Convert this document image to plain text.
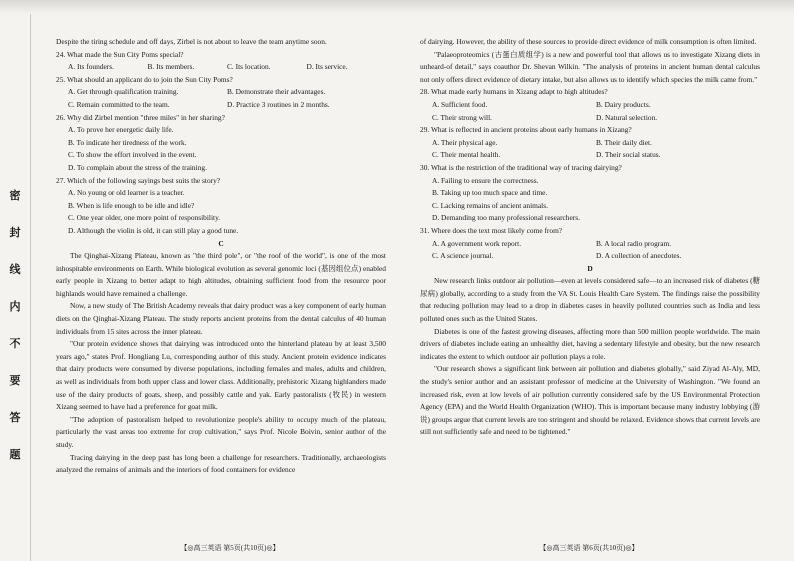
密
封
线
内
不
要
答
题

Despite the tiring schedule and off days, Zirbel is not about to leave the team anytime soon.

24. What made the Sun City Poms special?

A. Its founders.	B. Its members.	C. Its location.	D. Its service.

25. What should an applicant do to join the Sun City Poms?

A. Get through qualification training.	B. Demonstrate their advantages.
C. Remain committed to the team.	D. Practice 3 routines in 2 months.

26. Why did Zirbel mention "three miles" in her sharing?

A. To prove her energetic daily life.

B. To indicate her tiredness of the work.

C. To show the effort involved in the event.

D. To complain about the stress of the training.

27. Which of the following sayings best suits the story?

A. No young or old learner is a teacher.

B. When is life enough to be idle and idle?

C. One year older, one more point of responsibility.

D. Although the violin is old, it can still play a good tune.

C

The Qinghai-Xizang Plateau, known as "the third pole", or "the roof of the world", is one of the most inhospitable environments on Earth. While biological evolution as several genomic loci (基因组位点) enabled early people in Xizang to better adapt to high altitudes, obtaining sufficient food from the resource poor highlands would have remained a challenge.

Now, a new study of The British Academy reveals that dairy product was a key component of early human diets on the Qinghai-Xizang Plateau. The study reports ancient proteins from the dental calculus of 40 human individuals from 15 sites across the inner plateau.

"Our protein evidence shows that dairying was introduced onto the hinterland plateau by at least 3,500 years ago," states Prof. Hongliang Lu, corresponding author of this study. Ancient protein evidence indicates that dairy products were consumed by diverse populations, including females and males, adults and children, as well as individuals from both upper class and lower class. Additionally, prehistoric Xizang highlanders made use of the dairy products of goats, sheep, and possibly cattle and yak. Early pastoralists (牧民) in western Xizang seemed to have had a preference for goat milk.

"The adoption of pastoralism helped to revolutionize people's ability to occupy much of the plateau, particularly the vast areas too extreme for crop cultivation," says Prof. Nicole Boivin, senior author of the study.

Tracing dairying in the deep past has long been a challenge for researchers. Traditionally, archaeologists analyzed the remains of animals and the interiors of food containers for evidence

of dairying. However, the ability of these sources to provide direct evidence of milk consumption is often limited.

"Palaeoproteomics (古蛋白质组学) is a new and powerful tool that allows us to investigate Xizang diets in unheard-of detail," says coauthor Dr. Shevan Wilkin. "The analysis of proteins in ancient human dental calculus not only offers direct evidence of dietary intake, but also allows us to identify which species the milk came from."

28. What made early humans in Xizang adapt to high altitudes?

A. Sufficient food.	B. Dairy products.
C. Their strong will.	D. Natural selection.

29. What is reflected in ancient proteins about early humans in Xizang?

A. Their physical age.	B. Their daily diet.
C. Their mental health.	D. Their social status.

30. What is the restriction of the traditional way of tracing dairying?

A. Failing to ensure the correctness.

B. Taking up too much space and time.

C. Lacking remains of ancient animals.

D. Demanding too many professional researchers.

31. Where does the text most likely come from?

A. A government work report.	B. A local radio program.
C. A science journal.	D. A collection of anecdotes.

D

New research links outdoor air pollution—even at levels considered safe—to an increased risk of diabetes (糖尿病) globally, according to a study from the VA St. Louis Health Care System. The findings raise the possibility that reducing pollution may lead to a drop in diabetes cases in heavily polluted countries such as India and less polluted ones such as the United States.

Diabetes is one of the fastest growing diseases, affecting more than 500 million people worldwide. The main drivers of diabetes include eating an unhealthy diet, having a sedentary lifestyle and obesity, but the new research indicates the extent to which outdoor air pollution plays a role.

"Our research shows a significant link between air pollution and diabetes globally," said Ziyad Al-Aly, MD, the study's senior author and an assistant professor of medicine at the University of Washington. "We found an increased risk, even at low levels of air pollution currently considered safe by the US Environmental Protection Agency (EPA) and the World Health Organization (WHO). This is important because many industry lobbying (游说) groups argue that current levels are too stringent and should be relaxed. Evidence shows that current levels are still not sufficiently safe and need to be tightened."

【◎高三英语 第5页(共10页)◎】	【◎高三英语 第6页(共10页)◎】
